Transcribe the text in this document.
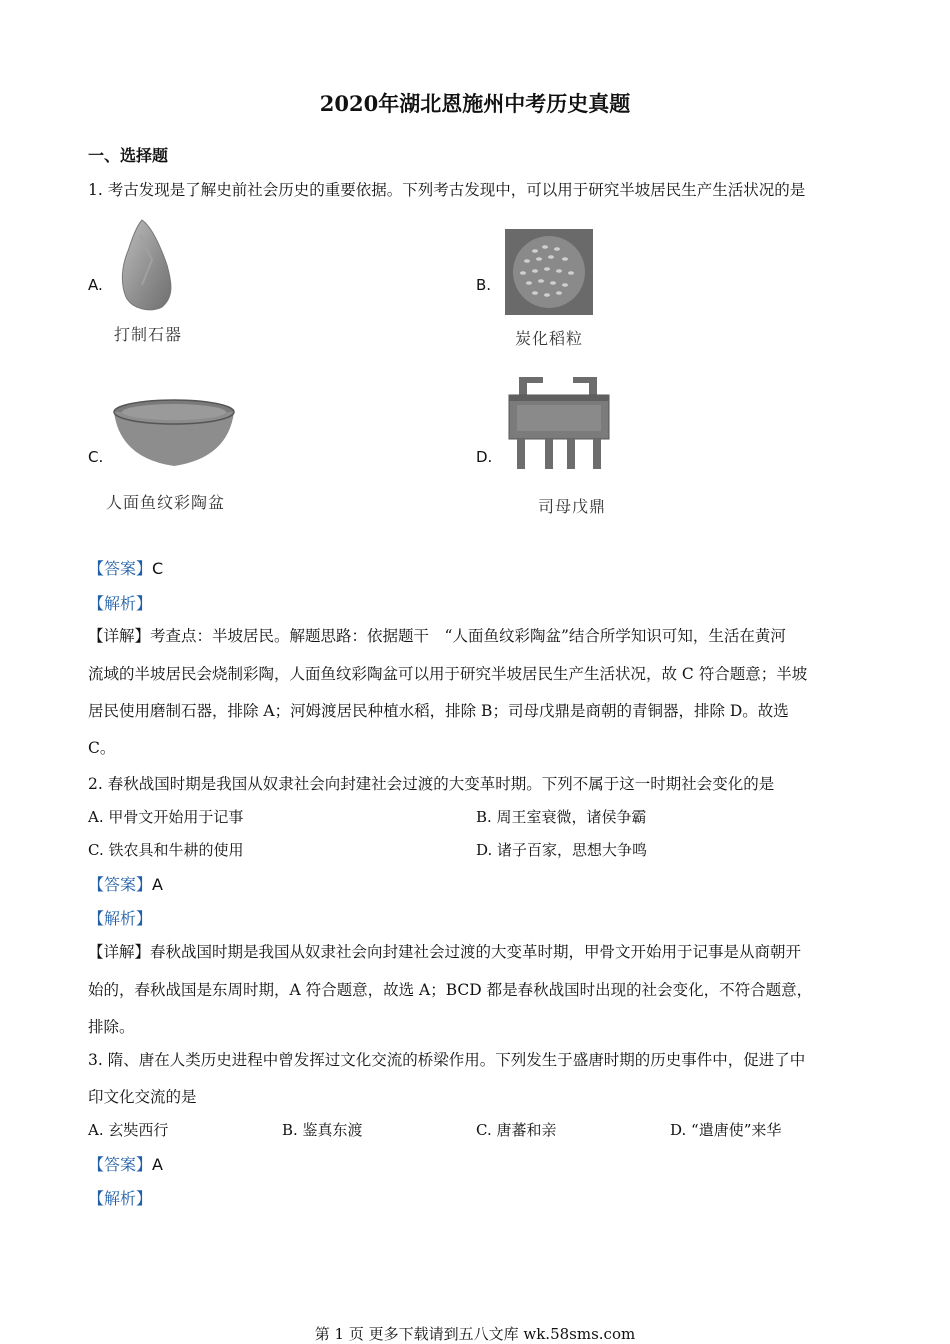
2020年湖北恩施州中考历史真题
一、选择题
1. 考古发现是了解史前社会历史的重要依据。下列考古发现中，可以用于研究半坡居民生产生活状况的是
A.
打制石器
B.
炭化稻粒
C.
人面鱼纹彩陶盆
D.
司母戊鼎
【答案】C
【解析】
【详解】考查点：半坡居民。解题思路：依据题干　“人面鱼纹彩陶盆”结合所学知识可知，生活在黄河
流域的半坡居民会烧制彩陶，人面鱼纹彩陶盆可以用于研究半坡居民生产生活状况，故 C 符合题意；半坡
居民使用磨制石器，排除 A；河姆渡居民种植水稻，排除 B；司母戊鼎是商朝的青铜器，排除 D。故选
C。
2. 春秋战国时期是我国从奴隶社会向封建社会过渡的大变革时期。下列不属于这一时期社会变化的是
A. 甲骨文开始用于记事	B. 周王室衰微，诸侯争霸
C. 铁农具和牛耕的使用	D. 诸子百家，思想大争鸣
【答案】A
【解析】
【详解】春秋战国时期是我国从奴隶社会向封建社会过渡的大变革时期，甲骨文开始用于记事是从商朝开
始的，春秋战国是东周时期，A 符合题意，故选 A；BCD 都是春秋战国时出现的社会变化，不符合题意，
排除。
3. 隋、唐在人类历史进程中曾发挥过文化交流的桥梁作用。下列发生于盛唐时期的历史事件中，促进了中
印文化交流的是
A. 玄奘西行	B. 鉴真东渡	C. 唐蕃和亲	D. “遣唐使”来华
【答案】A
【解析】
第 1 页 更多下载请到五八文库 wk.58sms.com
